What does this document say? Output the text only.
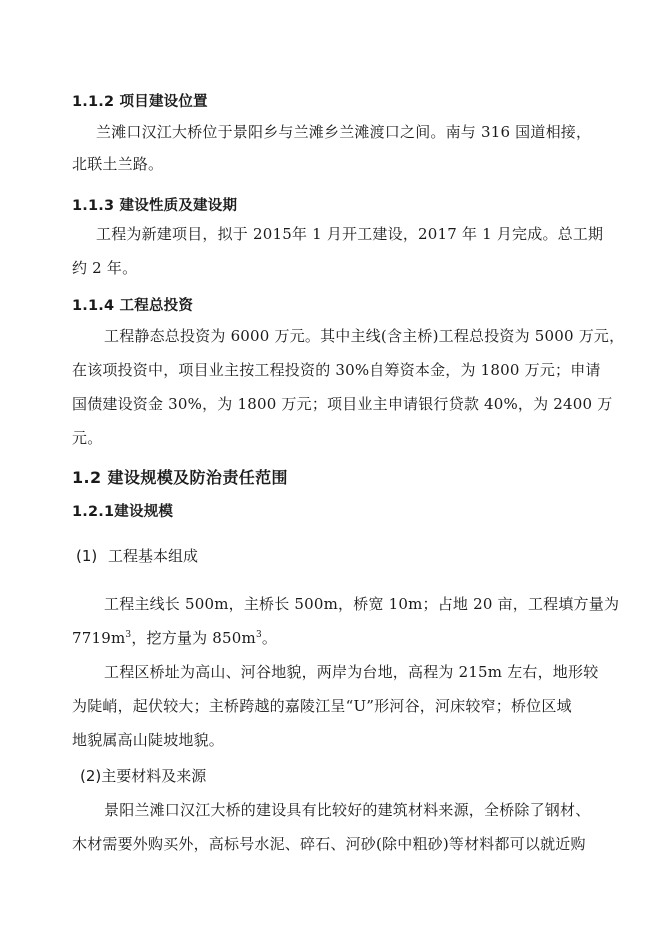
1.1.2 项目建设位置
兰滩口汉江大桥位于景阳乡与兰滩乡兰滩渡口之间。南与 316 国道相接，
北联土兰路。
1.1.3 建设性质及建设期
工程为新建项目，拟于 2015年 1 月开工建设，2017 年 1 月完成。总工期
约 2 年。
1.1.4 工程总投资
工程静态总投资为 6000 万元。其中主线(含主桥)工程总投资为 5000 万元，
在该项投资中，项目业主按工程投资的 30%自筹资本金，为 1800 万元；申请
国债建设资金 30%，为 1800 万元；项目业主申请银行贷款 40%，为 2400 万
元。
1.2 建设规模及防治责任范围
1.2.1建设规模
(1) 工程基本组成
工程主线长 500m，主桥长 500m，桥宽 10m；占地 20 亩，工程填方量为
$7719m^3$，挖方量为 $850m^3$。
工程区桥址为高山、河谷地貌，两岸为台地，高程为 215m 左右，地形较
为陡峭，起伏较大；主桥跨越的嘉陵江呈“U”形河谷，河床较窄；桥位区域
地貌属高山陡坡地貌。
(2)主要材料及来源
景阳兰滩口汉江大桥的建设具有比较好的建筑材料来源，全桥除了钢材、
木材需要外购买外，高标号水泥、碎石、河砂(除中粗砂)等材料都可以就近购
